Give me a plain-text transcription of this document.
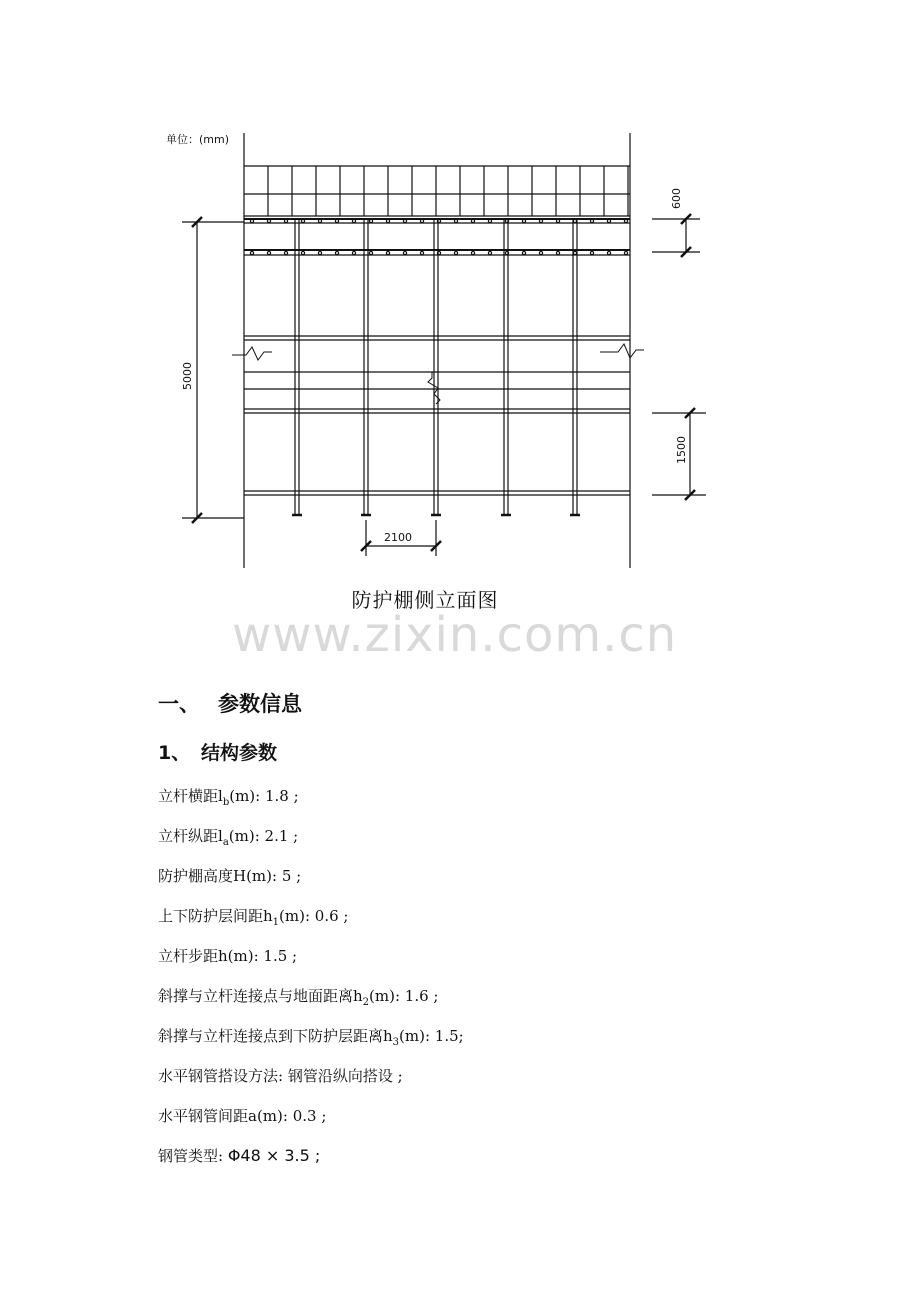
单位：(mm)
600
5000
1500
2100
防护棚侧立面图
www.zixin.com.cn
一、 参数信息
1、 结构参数
立杆横距$l_b(m)$: 1.8 ;
立杆纵距$l_a(m)$: 2.1 ;
防护棚高度H(m): 5 ;
上下防护层间距$h_1(m)$: 0.6 ;
立杆步距h(m): 1.5 ;
斜撑与立杆连接点与地面距离$h_2(m)$: 1.6 ;
斜撑与立杆连接点到下防护层距离$h_3(m)$: 1.5;
水平钢管搭设方法: 钢管沿纵向搭设 ;
水平钢管间距a(m): 0.3 ;
钢管类型: Φ48 × 3.5 ;
